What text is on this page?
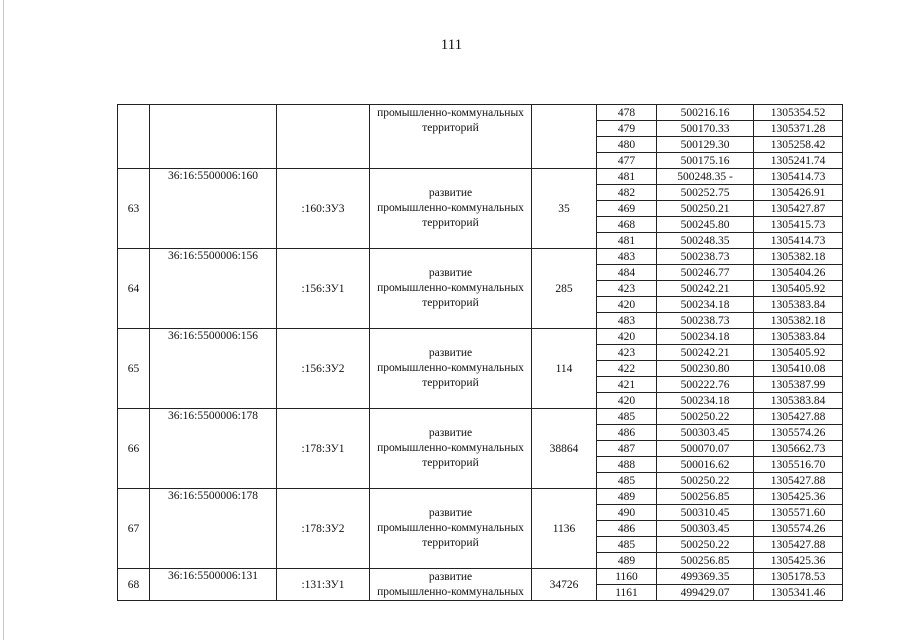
111

			промышленно-коммунальных
территорий		478	500216.16	1305354.52
					479	500170.33	1305371.28
					480	500129.30	1305258.42
					477	500175.16	1305241.74
63	36:16:5500006:160	:160:ЗУ3	развитие
промышленно-коммунальных
территорий	35	481	500248.35 -	1305414.73
					482	500252.75	1305426.91
					469	500250.21	1305427.87
					468	500245.80	1305415.73
					481	500248.35	1305414.73
64	36:16:5500006:156	:156:ЗУ1	развитие
промышленно-коммунальных
территорий	285	483	500238.73	1305382.18
					484	500246.77	1305404.26
					423	500242.21	1305405.92
					420	500234.18	1305383.84
					483	500238.73	1305382.18
65	36:16:5500006:156	:156:ЗУ2	развитие
промышленно-коммунальных
территорий	114	420	500234.18	1305383.84
					423	500242.21	1305405.92
					422	500230.80	1305410.08
					421	500222.76	1305387.99
					420	500234.18	1305383.84
66	36:16:5500006:178	:178:ЗУ1	развитие
промышленно-коммунальных
территорий	38864	485	500250.22	1305427.88
					486	500303.45	1305574.26
					487	500070.07	1305662.73
					488	500016.62	1305516.70
					485	500250.22	1305427.88
67	36:16:5500006:178	:178:ЗУ2	развитие
промышленно-коммунальных
территорий	1136	489	500256.85	1305425.36
					490	500310.45	1305571.60
					486	500303.45	1305574.26
					485	500250.22	1305427.88
					489	500256.85	1305425.36
68	36:16:5500006:131	:131:ЗУ1	развитие
промышленно-коммунальных	34726	1160	499369.35	1305178.53
					1161	499429.07	1305341.46
